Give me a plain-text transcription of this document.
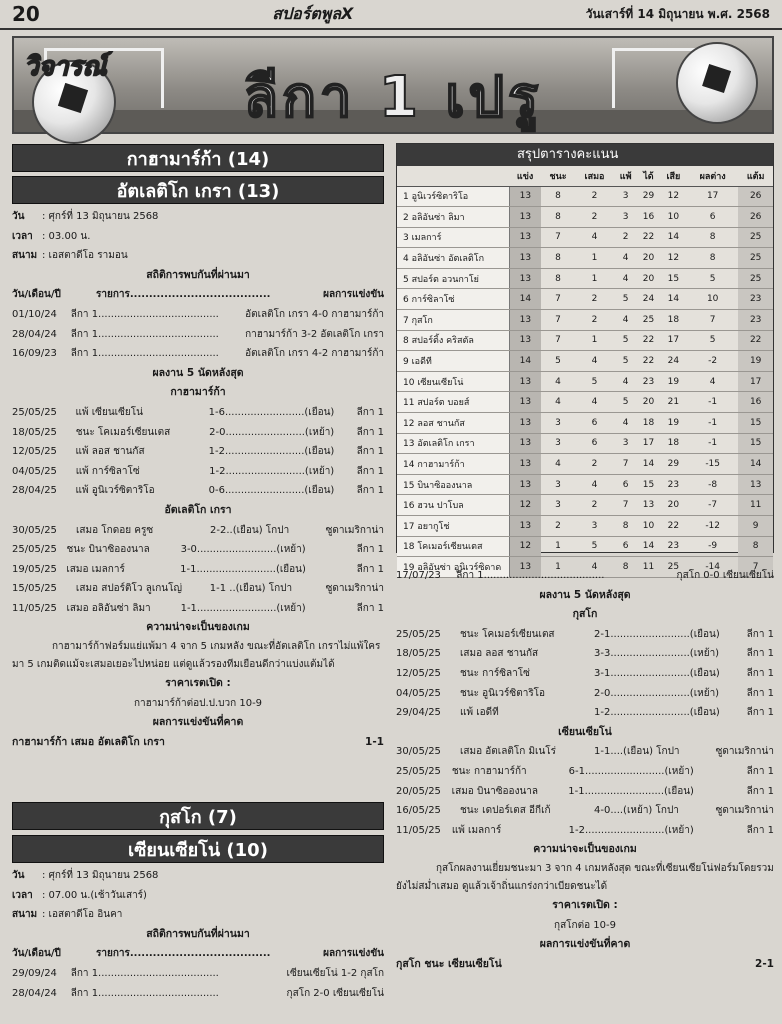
20	สปอร์ตพูลX	วันเสาร์ที่ 14 มิถุนายน พ.ศ. 2568
วิจารณ์	ลีกา 1 เปรู
กาฮามาร์ก้า (14)
อัตเลติโก เกรา (13)
วัน	: ศุกร์ที่ 13 มิถุนายน 2568
เวลา : 03.00 น.
สนาม : เอสตาดีโอ รามอน
สถิติการพบกันที่ผ่านมา
วัน/เดือน/ปี	รายการ.....................................	ผลการแข่งขัน
01/10/24	ลีกา 1......................................	อัตเลติโก เกรา 4-0 กาฮามาร์ก้า
28/04/24	ลีกา 1......................................	กาฮามาร์ก้า 3-2 อัตเลติโก เกรา
16/09/23	ลีกา 1......................................	อัตเลติโก เกรา 4-2 กาฮามาร์ก้า
ผลงาน 5 นัดหลังสุด
กาฮามาร์ก้า
25/05/25	แพ้ เซียนเซียโน่	1-6.........................(เยือน)	ลีกา 1
18/05/25	ชนะ โคเมอร์เซียนเตส	2-0.........................(เหย้า)	ลีกา 1
12/05/25	แพ้ ลอส ชานกัส	1-2.........................(เยือน)	ลีกา 1
04/05/25	แพ้ การ์ซิลาโซ่	1-2.........................(เหย้า)	ลีกา 1
28/04/25	แพ้ อูนิเวร์ซิตาริโอ	0-6.........................(เยือน)	ลีกา 1
อัตเลติโก เกรา
30/05/25	เสมอ โกดอย ครูซ	2-2..(เยือน) โกปา	ซูดาเมริกาน่า
25/05/25 ชนะ บินาซิอองนาล	3-0.........................(เหย้า)	ลีกา 1
19/05/25 เสมอ เมลการ์	1-1.........................(เยือน)	ลีกา 1
15/05/25	เสมอ สปอร์ติโว ลูเกนโญ่	1-1 ..(เยือน) โกปา	ซูดาเมริกาน่า
11/05/25 เสมอ อลิอันซ่า ลิมา	1-1.........................(เหย้า)	ลีกา 1
ความน่าจะเป็นของเกม
กาฮามาร์ก้าฟอร์มแย่แพ้มา 4 จาก 5 เกมหลัง ขณะที่อัตเลติโก เกราไม่แพ้ใครมา 5 เกมติดแม้จะเสมอเยอะไปหน่อย แต่ดูแล้วรองทีมเยือนดีกว่าแบ่งแต้มได้
ราคาเรตเปิด :
กาฮามาร์ก้าต่อป.ป.บวก 10-9
ผลการแข่งขันที่คาด
กาฮามาร์ก้า เสมอ อัตเลติโก เกรา	1-1
กุสโก (7)
เซียนเซียโน่ (10)
วัน	: ศุกร์ที่ 13 มิถุนายน 2568
เวลา : 07.00 น.(เช้าวันเสาร์)
สนาม : เอสตาดีโอ อินคา
สถิติการพบกันที่ผ่านมา
วัน/เดือน/ปี	รายการ.....................................	ผลการแข่งขัน
29/09/24	ลีกา 1......................................	เซียนเซียโน่ 1-2 กุสโก
28/04/24	ลีกา 1......................................	กุสโก 2-0 เซียนเซียโน่
สรุปตารางคะแนน
	แข่ง	ชนะ	เสมอ	แพ้	ได้	เสีย	ผลต่าง	แต้ม
1 อูนิเวร์ซิตาริโอ	13	8	2	3	29	12	17	26
2 อลิอันซ่า ลิมา	13	8	2	3	16	10	6	26
3 เมลการ์	13	7	4	2	22	14	8	25
4 อลิอันซ่า อัตเลติโก	13	8	1	4	20	12	8	25
5 สปอร์ต อวนกาโย่	13	8	1	4	20	15	5	25
6 การ์ซิลาโซ่	14	7	2	5	24	14	10	23
7 กุสโก	13	7	2	4	25	18	7	23
8 สปอร์ติ้ง คริสตัล	13	7	1	5	22	17	5	22
9 เอดีที	14	5	4	5	22	24	-2	19
10 เซียนเซียโน่	13	4	5	4	23	19	4	17
11 สปอร์ต บอยส์	13	4	4	5	20	21	-1	16
12 ลอส ชานกัส	13	3	6	4	18	19	-1	15
13 อัตเลติโก เกรา	13	3	6	3	17	18	-1	15
14 กาฮามาร์ก้า	13	4	2	7	14	29	-15	14
15 บินาซิอองนาล	13	3	4	6	15	23	-8	13
16 ฮวน ปาโบล	12	3	2	7	13	20	-7	11
17 อยากูโช่	13	2	3	8	10	22	-12	9
18 โคเมอร์เซียนเตส	12	1	5	6	14	23	-9	8
19 อลิอันซ่า อูนิเวร์ซิดาด	13	1	4	8	11	25	-14	7
17/07/23	ลีกา 1......................................	กุสโก 0-0 เซียนเซียโน่
ผลงาน 5 นัดหลังสุด
กุสโก
25/05/25	ชนะ โคเมอร์เซียนเตส	2-1.........................(เยือน)	ลีกา 1
18/05/25	เสมอ ลอส ชานกัส	3-3.........................(เหย้า)	ลีกา 1
12/05/25	ชนะ การ์ซิลาโซ่	3-1.........................(เยือน)	ลีกา 1
04/05/25	ชนะ อูนิเวร์ซิตาริโอ	2-0.........................(เหย้า)	ลีกา 1
29/04/25	แพ้ เอดีที	1-2.........................(เยือน)	ลีกา 1
เซียนเซียโน่
30/05/25	เสมอ อัตเลติโก มิเนโร่	1-1....(เยือน) โกปา	ซูดาเมริกาน่า
25/05/25	ชนะ กาฮามาร์ก้า	6-1.........................(เหย้า)	ลีกา 1
20/05/25	เสมอ บินาซิอองนาล	1-1.........................(เยือน)	ลีกา 1
16/05/25	ชนะ เดปอร์เตส อีกีเก้	4-0....(เหย้า) โกปา	ซูดาเมริกาน่า
11/05/25	แพ้ เมลการ์	1-2.........................(เหย้า)	ลีกา 1
ความน่าจะเป็นของเกม
กุสโกผลงานเยี่ยมชนะมา 3 จาก 4 เกมหลังสุด ขณะที่เซียนเซียโน่ฟอร์มโดยรวมยังไม่สม่ำเสมอ ดูแล้วเจ้าถิ่นแกร่งกว่าเบียดชนะได้
ราคาเรตเปิด :
กุสโกต่อ 10-9
ผลการแข่งขันที่คาด
กุสโก ชนะ เซียนเซียโน่	2-1
